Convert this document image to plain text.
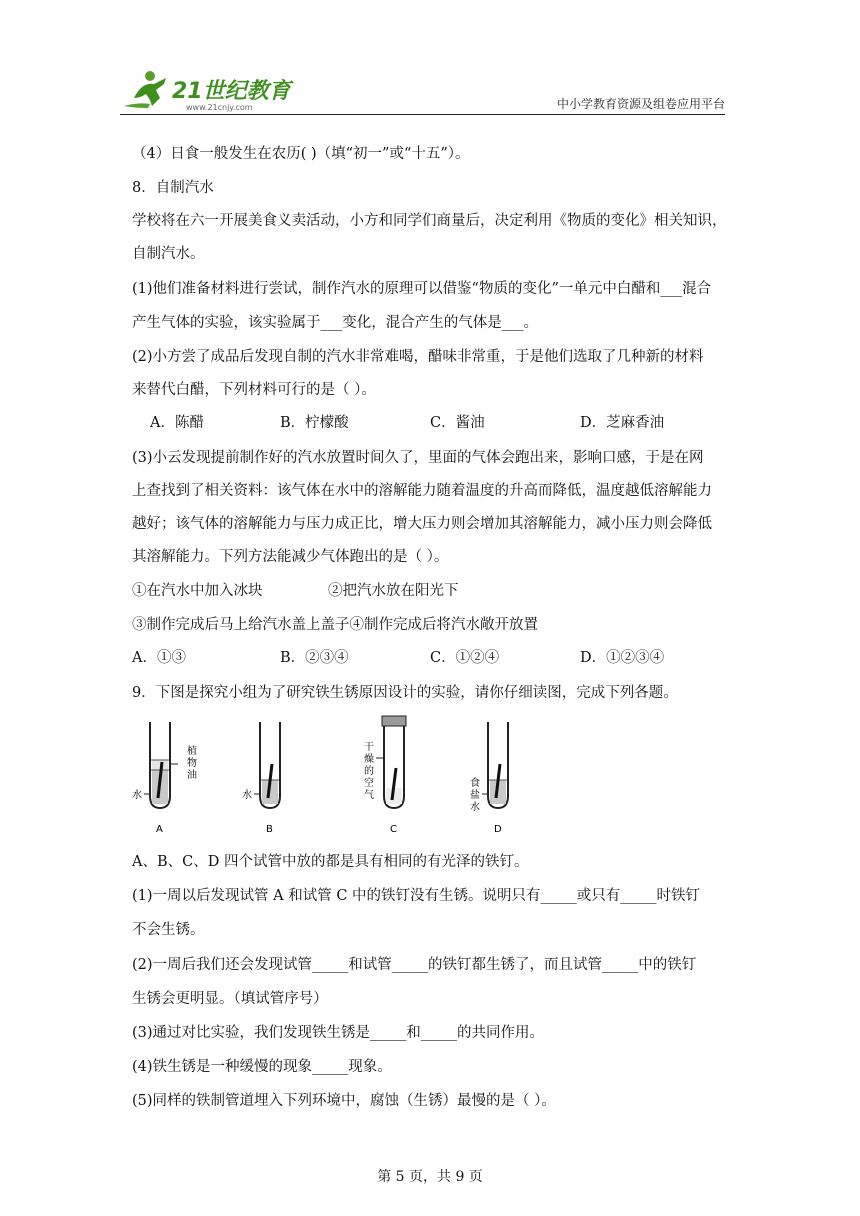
21世纪教育
www.21cnjy.com	中小学教育资源及组卷应用平台
（4）日食一般发生在农历( )（填“初一”或“十五”）。
8．自制汽水
学校将在六一开展美食义卖活动，小方和同学们商量后，决定利用《物质的变化》相关知识，
自制汽水。
(1)他们准备材料进行尝试，制作汽水的原理可以借鉴“物质的变化”一单元中白醋和___混合
产生气体的实验，该实验属于___变化，混合产生的气体是___。
(2)小方尝了成品后发现自制的汽水非常难喝，醋味非常重，于是他们选取了几种新的材料
来替代白醋，下列材料可行的是（ ）。
A．陈醋	B．柠檬酸	C．酱油	D．芝麻香油
(3)小云发现提前制作好的汽水放置时间久了，里面的气体会跑出来，影响口感，于是在网
上查找到了相关资料：该气体在水中的溶解能力随着温度的升高而降低，温度越低溶解能力
越好；该气体的溶解能力与压力成正比，增大压力则会增加其溶解能力，减小压力则会降低
其溶解能力。下列方法能减少气体跑出的是（ ）。
①在汽水中加入冰块	②把汽水放在阳光下
③制作完成后马上给汽水盖上盖子④制作完成后将汽水敞开放置
A．①③	B．②③④	C．①②④	D．①②③④
9．下图是探究小组为了研究铁生锈原因设计的实验，请你仔细读图，完成下列各题。
植
物
油
水
A
水
B
干
燥
的
空
气
C
食
盐
水
D
A、B、C、D 四个试管中放的都是具有相同的有光泽的铁钉。
(1)一周以后发现试管 A 和试管 C 中的铁钉没有生锈。说明只有_____或只有_____时铁钉
不会生锈。
(2)一周后我们还会发现试管_____和试管_____的铁钉都生锈了，而且试管_____中的铁钉
生锈会更明显。（填试管序号）
(3)通过对比实验，我们发现铁生锈是_____和_____的共同作用。
(4)铁生锈是一种缓慢的现象_____现象。
(5)同样的铁制管道埋入下列环境中，腐蚀（生锈）最慢的是（ ）。
第 5 页，共 9 页
